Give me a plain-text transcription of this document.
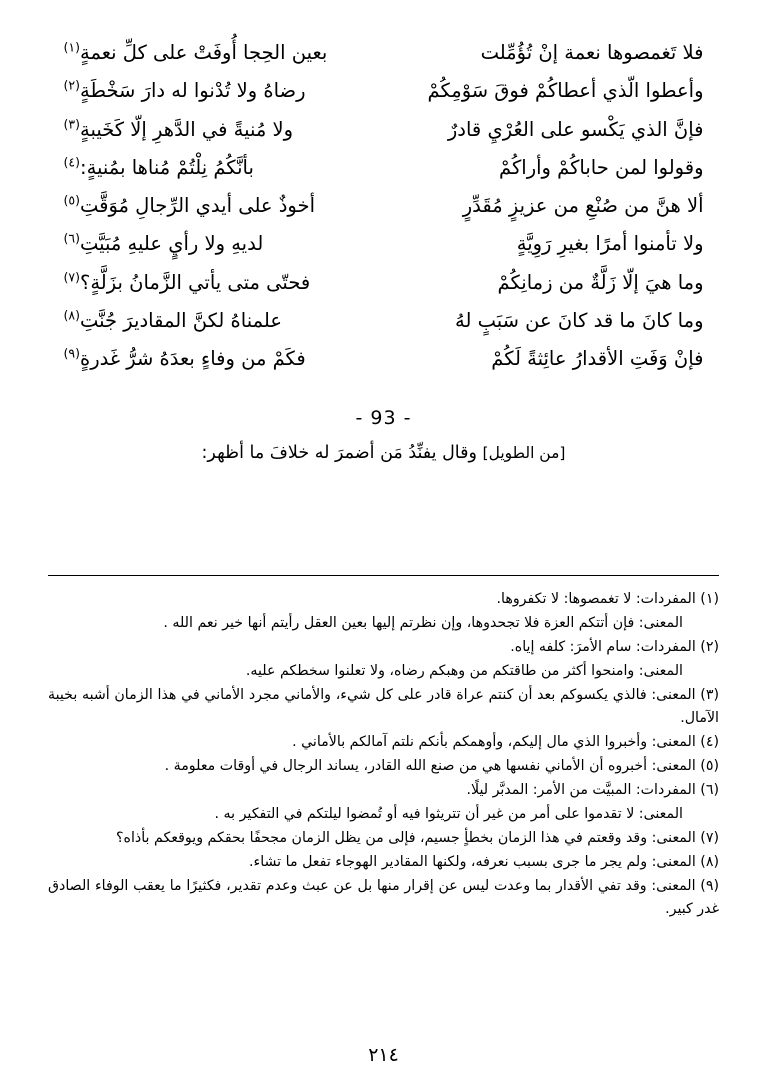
فلا تَغمصوها نعمة إنْ تُؤُمِّلت
بعين الحِجا أُوفَتْ على كلِّ نعمةٍ$^{(١)}$
وأعطوا الّذي أعطاكُمْ فوقَ سَوْمِكُمْ
رضاهُ ولا تُدْنوا له دارَ سَخْطَةٍ$^{(٢)}$
فإنَّ الذي يَكْسو على العُرْيِ قادرٌ
ولا مُنيةً في الدَّهرِ إلّا كَخَيبةٍ$^{(٣)}$
وقولوا لمن حاباكُمْ وأراكُمْ
بأنَّكُمُ نِلْتُمْ مُناها بمُنيةٍ:$^{(٤)}$
ألا هنَّ من صُنْعِ من عزيزٍ مُقَدِّرٍ
أخوذٌ على أيدي الرِّجالِ مُوَقَّتِ$^{(٥)}$
ولا تأمنوا أمرًا بغيرِ رَوِيَّةٍ
لديهِ ولا رأيٍ عليهِ مُبَيَّتِ$^{(٦)}$
وما هيَ إلّا زَلَّةٌ من زمانِكُمْ
فحتّى متى يأتي الزَّمانُ بزَلَّةٍ؟$^{(٧)}$
وما كانَ ما قد كانَ عن سَبَبٍ لهُ
علمناهُ لكنَّ المقاديرَ جُنَّتِ$^{(٨)}$
فإنْ وَفَتِ الأقدارُ عائِثةً لَكُمْ
فكَمْ من وفاءٍ بعدَهُ شرُّ غَدرةٍ$^{(٩)}$
- 93 -
[من الطويل] وقال يفنِّدُ مَن أضمرَ له خلافَ ما أظهر:
(١) المفردات: لا تغمصوها: لا تكفروها.
المعنى: فإن أتتكم العزة فلا تجحدوها، وإن نظرتم إليها بعين العقل رأيتم أنها خير نعم الله .
(٢) المفردات: سام الأمرَ: كلفه إياه.
المعنى: وامنحوا أكثر من طاقتكم من وهبكم رضاه، ولا تعلنوا سخطكم عليه.
(٣) المعنى: فالذي يكسوكم بعد أن كنتم عراة قادر على كل شيء، والأماني مجرد الأماني في هذا الزمان أشبه بخيبة الآمال.
(٤) المعنى: وأخبروا الذي مال إليكم، وأوهمكم بأنكم نلتم آمالكم بالأماني .
(٥) المعنى: أخبروه أن الأماني نفسها هي من صنع الله القادر، يساند الرجال في أوقات معلومة .
(٦) المفردات: المبيَّت من الأمر: المدبَّر ليلًا.
المعنى: لا تقدموا على أمر من غير أن تتريثوا فيه أو تُمضوا ليلتكم في التفكير به .
(٧) المعنى: وقد وقعتم في هذا الزمان بخطأٍ جسيم، فإلى من يظل الزمان مجحفًا بحقكم ويوقعكم بأذاه؟
(٨) المعنى: ولم يجر ما جرى بسبب نعرفه، ولكنها المقادير الهوجاء تفعل ما تشاء.
(٩) المعنى: وقد تفي الأقدار بما وعدت ليس عن إقرار منها بل عن عبث وعدم تقدير، فكثيرًا ما يعقب الوفاء الصادق غدر كبير.
٢١٤
